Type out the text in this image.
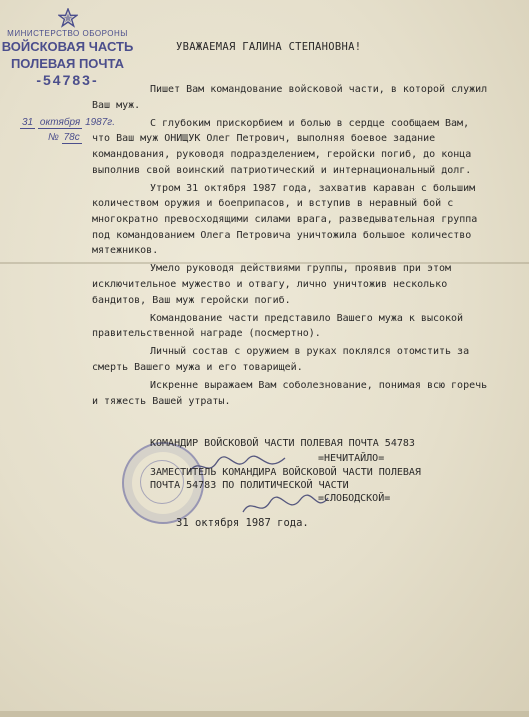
МИНИСТЕРСТВО ОБОРОНЫ
ВОЙСКОВАЯ ЧАСТЬ
ПОЛЕВАЯ ПОЧТА
-54783-
31 октября 1987г.
№ 78с
УВАЖАЕМАЯ ГАЛИНА СТЕПАНОВНА!

Пишет Вам командование войсковой части, в которой служил Ваш муж.

С глубоким прискорбием и болью в сердце сообщаем Вам, что Ваш муж ОНИЩУК Олег Петрович, выполняя боевое задание командования, руководя подразделением, геройски погиб, до конца выполнив свой воинский патриотический и интернациональный долг.

Утром 31 октября 1987 года, захватив караван с большим количеством оружия и боеприпасов, и вступив в неравный бой с многократно превосходящими силами врага, разведывательная группа под командованием Олега Петровича уничтожила большое количество мятежников.

Умело руководя действиями группы, проявив при этом исключительное мужество и отвагу, лично уничтожив несколько бандитов, Ваш муж геройски погиб.

Командование части представило Вашего мужа к высокой правительственной награде (посмертно).

Личный состав с оружием в руках поклялся отомстить за смерть Вашего мужа и его товарищей.

Искренне выражаем Вам соболезнование, понимая всю горечь и тяжесть Вашей утраты.

КОМАНДИР ВОЙСКОВОЙ ЧАСТИ ПОЛЕВАЯ ПОЧТА 54783
=НЕЧИТАЙЛО=
ЗАМЕСТИТЕЛЬ КОМАНДИРА ВОЙСКОВОЙ ЧАСТИ ПОЛЕВАЯ
ПОЧТА 54783 ПО ПОЛИТИЧЕСКОЙ ЧАСТИ
=СЛОБОДСКОЙ=
31 октября 1987 года.
